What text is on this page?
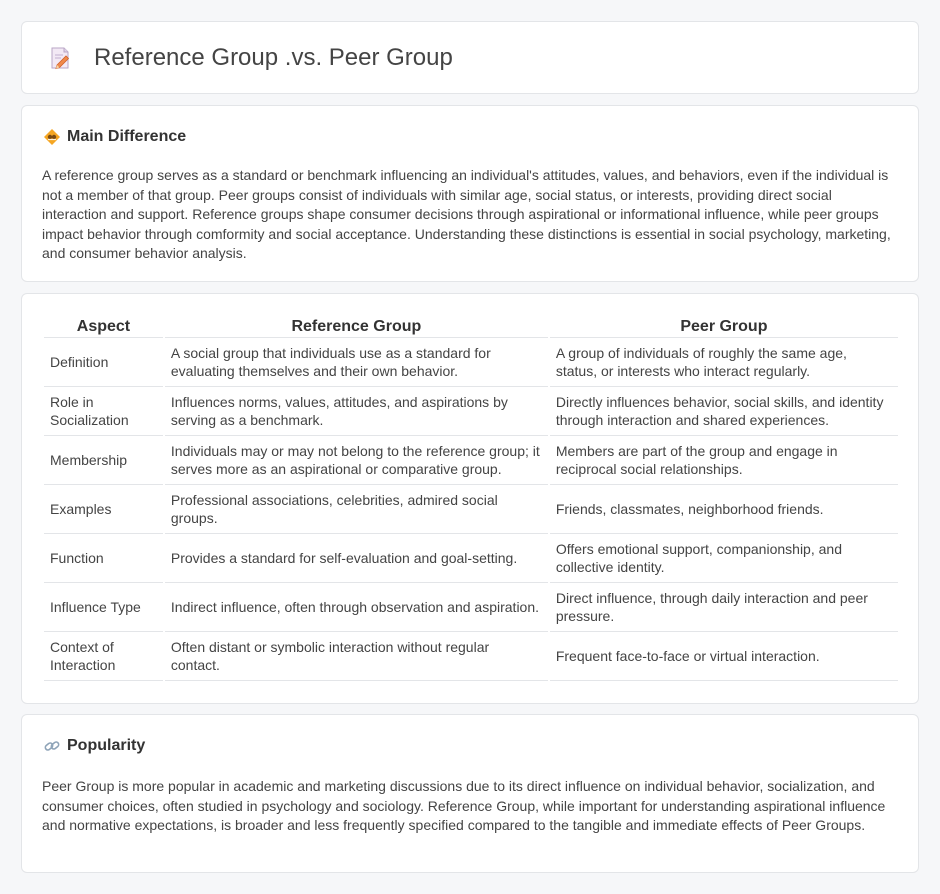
Reference Group .vs. Peer Group
Main Difference

A reference group serves as a standard or benchmark influencing an individual's attitudes, values, and behaviors, even if the individual is not a member of that group. Peer groups consist of individuals with similar age, social status, or interests, providing direct social interaction and support. Reference groups shape consumer decisions through aspirational or informational influence, while peer groups impact behavior through comformity and social acceptance. Understanding these distinctions is essential in social psychology, marketing, and consumer behavior analysis.

Aspect	Reference Group	Peer Group
Definition	A social group that individuals use as a standard for evaluating themselves and their own behavior.	A group of individuals of roughly the same age, status, or interests who interact regularly.
Role in Socialization	Influences norms, values, attitudes, and aspirations by serving as a benchmark.	Directly influences behavior, social skills, and identity through interaction and shared experiences.
Membership	Individuals may or may not belong to the reference group; it serves more as an aspirational or comparative group.	Members are part of the group and engage in reciprocal social relationships.
Examples	Professional associations, celebrities, admired social groups.	Friends, classmates, neighborhood friends.
Function	Provides a standard for self-evaluation and goal-setting.	Offers emotional support, companionship, and collective identity.
Influence Type	Indirect influence, often through observation and aspiration.	Direct influence, through daily interaction and peer pressure.
Context of Interaction	Often distant or symbolic interaction without regular contact.	Frequent face-to-face or virtual interaction.
Popularity

Peer Group is more popular in academic and marketing discussions due to its direct influence on individual behavior, socialization, and consumer choices, often studied in psychology and sociology. Reference Group, while important for understanding aspirational influence and normative expectations, is broader and less frequently specified compared to the tangible and immediate effects of Peer Groups.
